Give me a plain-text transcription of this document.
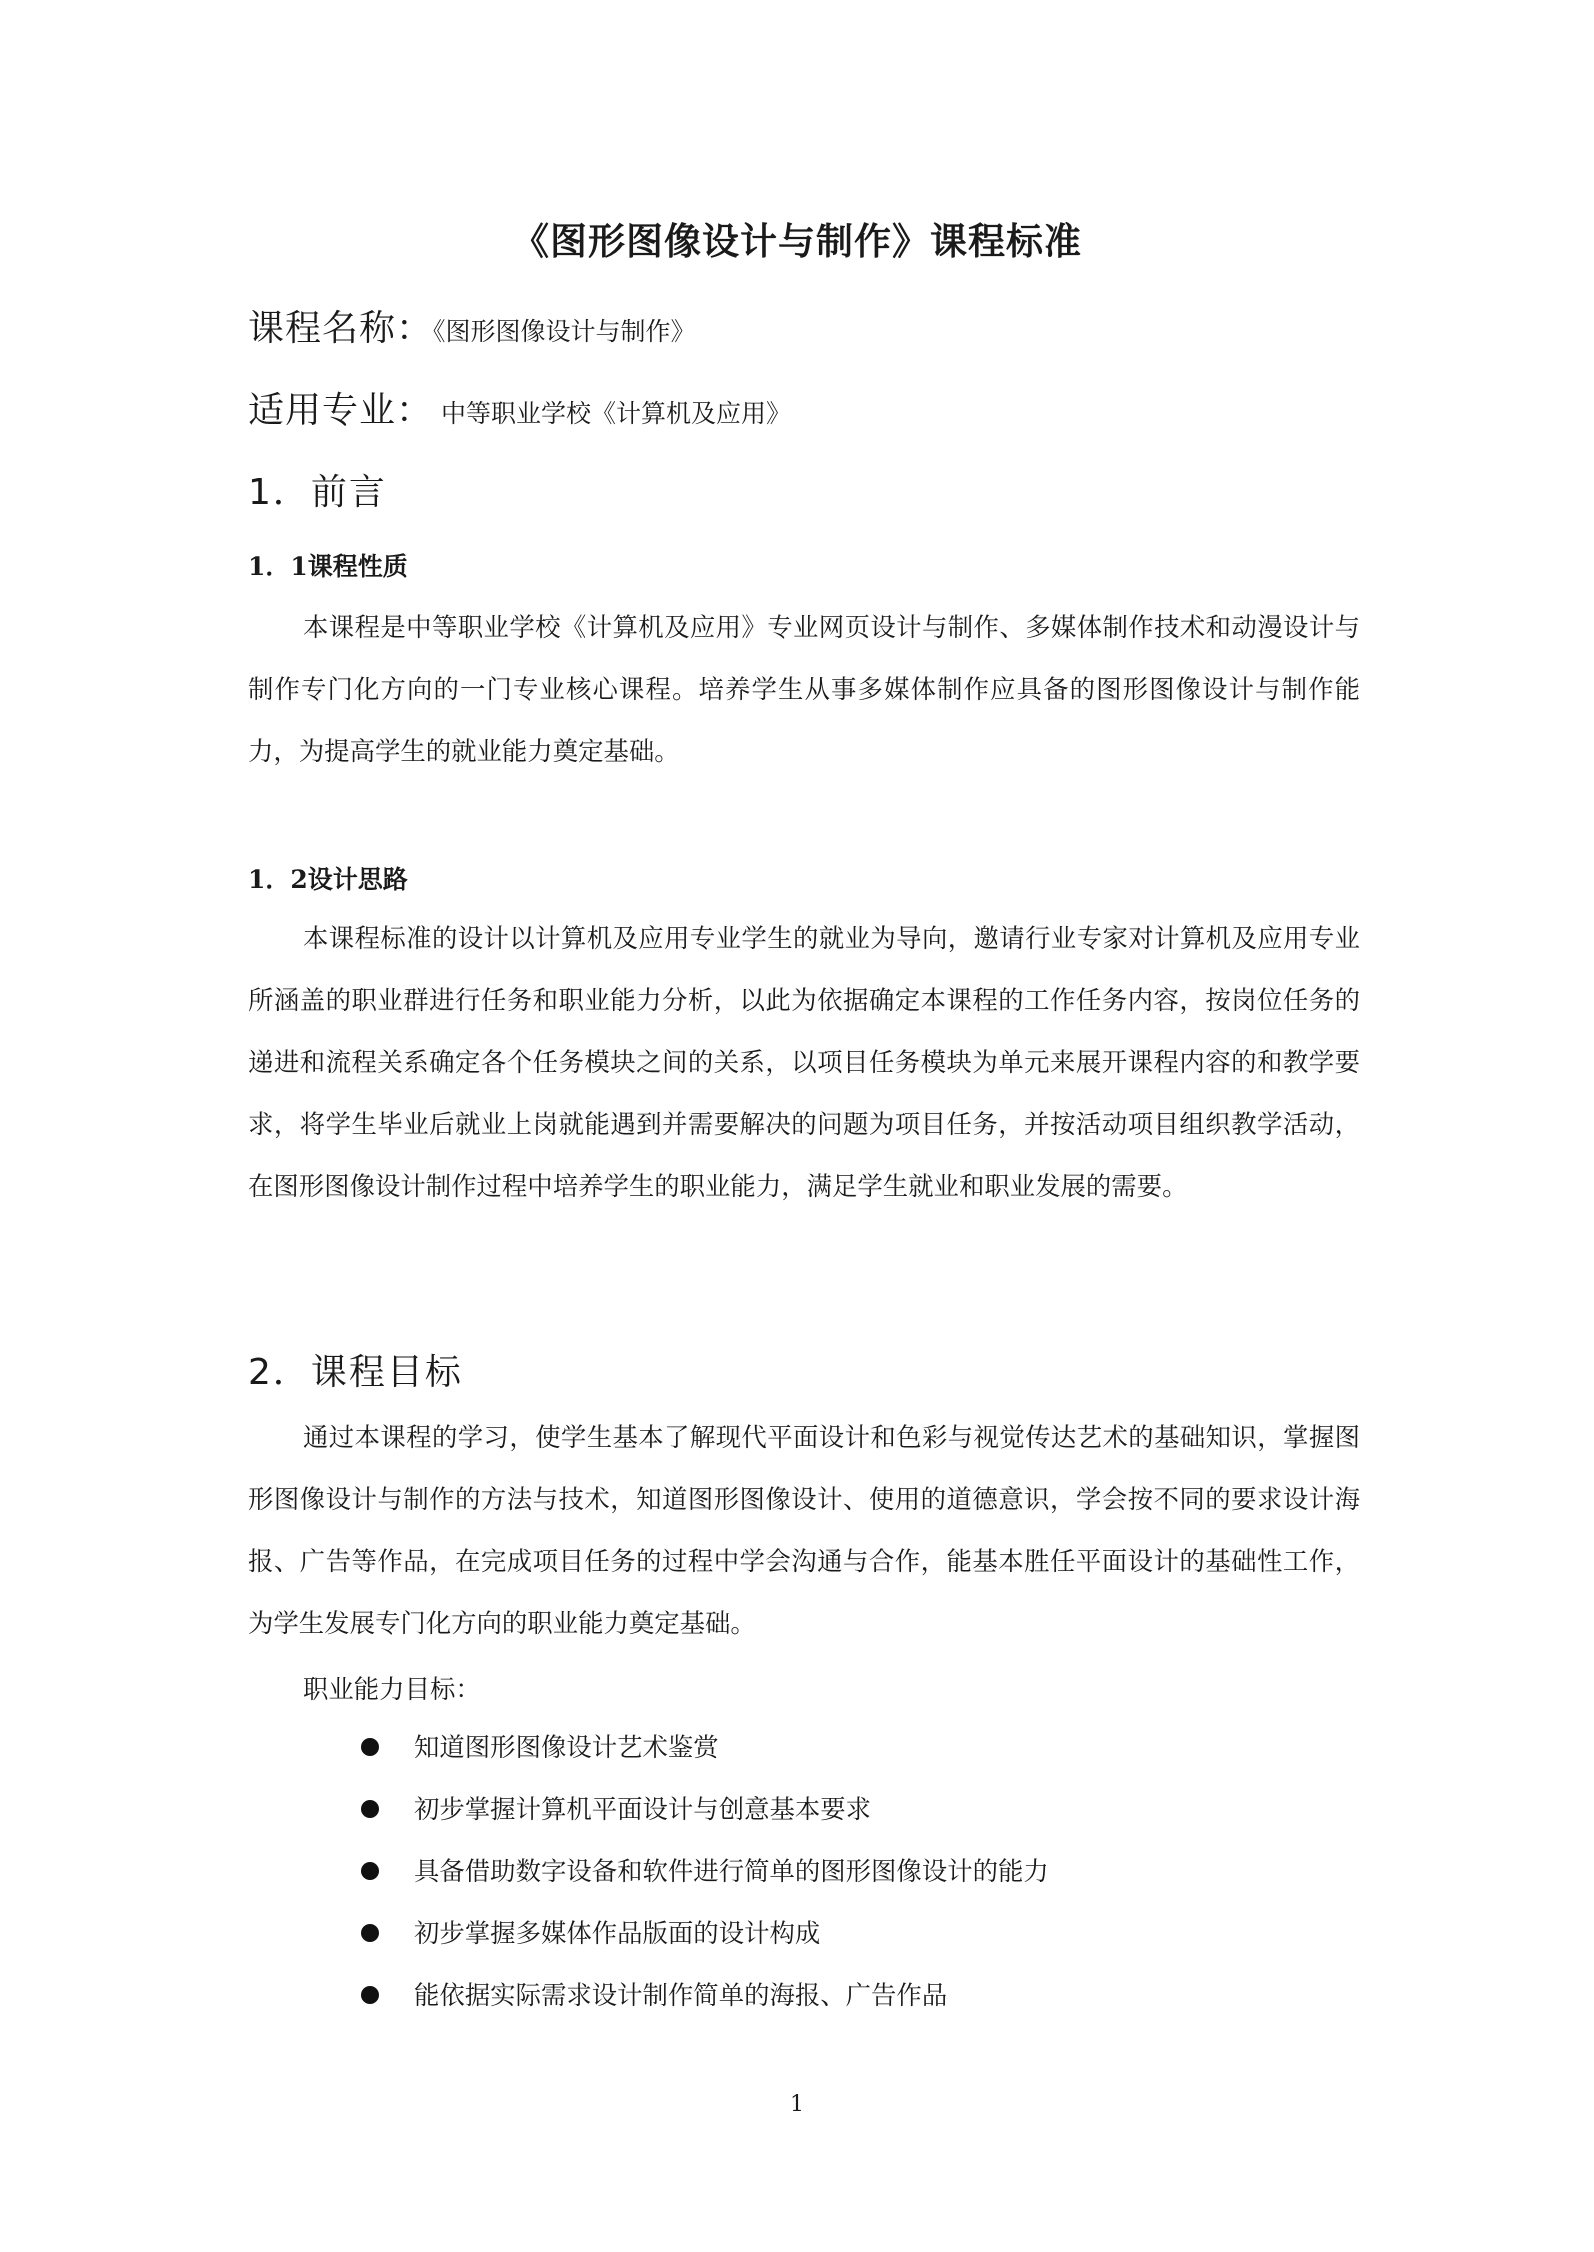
《图形图像设计与制作》课程标准

课程名称：《图形图像设计与制作》

适用专业： 中等职业学校《计算机及应用》

1．前言
1．1课程性质

本课程是中等职业学校《计算机及应用》专业网页设计与制作、多媒体制作技术和动漫设计与制作专门化方向的一门专业核心课程。培养学生从事多媒体制作应具备的图形图像设计与制作能力，为提高学生的就业能力奠定基础。

1．2设计思路

本课程标准的设计以计算机及应用专业学生的就业为导向，邀请行业专家对计算机及应用专业所涵盖的职业群进行任务和职业能力分析，以此为依据确定本课程的工作任务内容，按岗位任务的递进和流程关系确定各个任务模块之间的关系，以项目任务模块为单元来展开课程内容的和教学要求，将学生毕业后就业上岗就能遇到并需要解决的问题为项目任务，并按活动项目组织教学活动，在图形图像设计制作过程中培养学生的职业能力，满足学生就业和职业发展的需要。

2．课程目标

通过本课程的学习，使学生基本了解现代平面设计和色彩与视觉传达艺术的基础知识，掌握图形图像设计与制作的方法与技术，知道图形图像设计、使用的道德意识，学会按不同的要求设计海报、广告等作品，在完成项目任务的过程中学会沟通与合作，能基本胜任平面设计的基础性工作，为学生发展专门化方向的职业能力奠定基础。

职业能力目标：

知道图形图像设计艺术鉴赏
初步掌握计算机平面设计与创意基本要求
具备借助数字设备和软件进行简单的图形图像设计的能力
初步掌握多媒体作品版面的设计构成
能依据实际需求设计制作简单的海报、广告作品
1
